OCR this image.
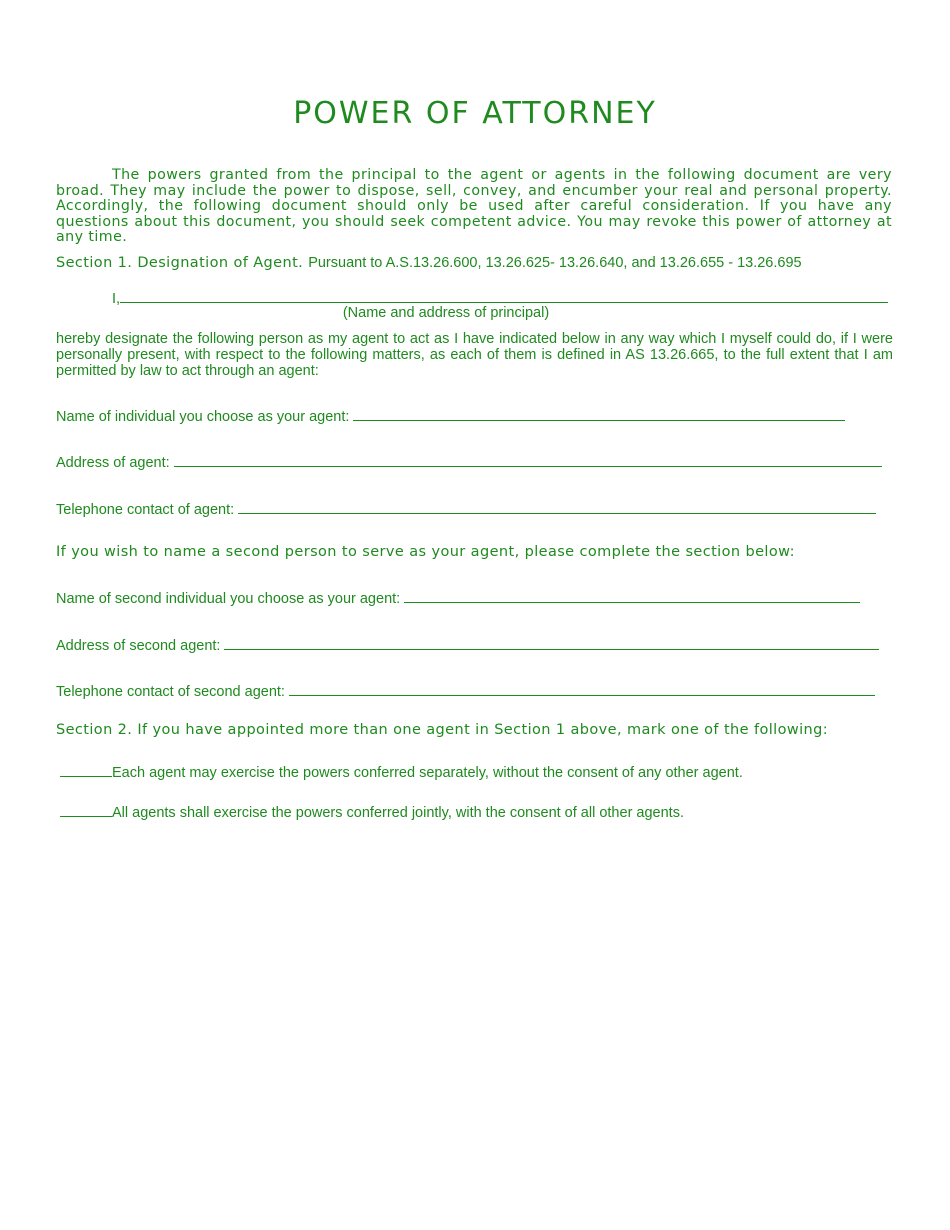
POWER OF ATTORNEY

The powers granted from the principal to the agent or agents in the following document are very broad. They may include the power to dispose, sell, convey, and encumber your real and personal property. Accordingly, the following document should only be used after careful consideration. If you have any questions about this document, you should seek competent advice. You may revoke this power of attorney at any time.

Section 1. Designation of Agent. Pursuant to A.S.13.26.600, 13.26.625- 13.26.640, and 13.26.655 - 13.26.695
I,
(Name and address of principal)

hereby designate the following person as my agent to act as I have indicated below in any way which I myself could do, if I were personally present, with respect to the following matters, as each of them is defined in AS 13.26.665, to the full extent that I am permitted by law to act through an agent:

Name of individual you choose as your agent:
Address of agent:
Telephone contact of agent:
If you wish to name a second person to serve as your agent, please complete the section below:
Name of second individual you choose as your agent:
Address of second agent:
Telephone contact of second agent:
Section 2. If you have appointed more than one agent in Section 1 above, mark one of the following:
Each agent may exercise the powers conferred separately, without the consent of any other agent.
All agents shall exercise the powers conferred jointly, with the consent of all other agents.
